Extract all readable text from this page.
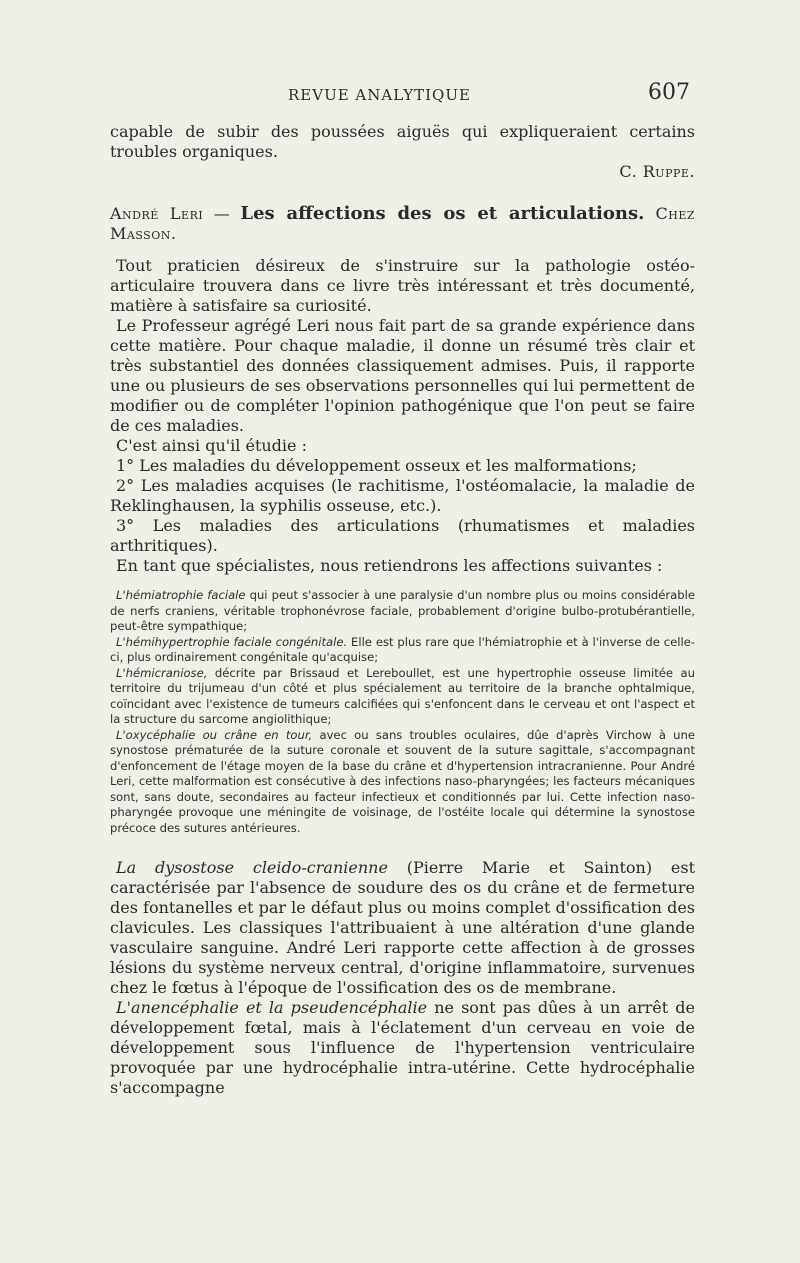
REVUE ANALYTIQUE	607

capable de subir des poussées aiguës qui expliqueraient certains troubles organiques.

C. Ruppe.

André Leri — Les affections des os et articulations. Chez Masson.

Tout praticien désireux de s'instruire sur la pathologie ostéo-articulaire trouvera dans ce livre très intéressant et très documenté, matière à satisfaire sa curiosité.

Le Professeur agrégé Leri nous fait part de sa grande expérience dans cette matière. Pour chaque maladie, il donne un résumé très clair et très substantiel des données classiquement admises. Puis, il rapporte une ou plusieurs de ses observations personnelles qui lui permettent de modifier ou de compléter l'opinion pathogénique que l'on peut se faire de ces maladies.

C'est ainsi qu'il étudie :

1° Les maladies du développement osseux et les malformations;

2° Les maladies acquises (le rachitisme, l'ostéomalacie, la maladie de Reklinghausen, la syphilis osseuse, etc.).

3° Les maladies des articulations (rhumatismes et maladies arthritiques).

En tant que spécialistes, nous retiendrons les affections suivantes :

L'hémiatrophie faciale qui peut s'associer à une paralysie d'un nombre plus ou moins considérable de nerfs craniens, véritable trophonévrose faciale, probablement d'origine bulbo-protubérantielle, peut-être sympathique;

L'hémihypertrophie faciale congénitale. Elle est plus rare que l'hémiatrophie et à l'inverse de celle-ci, plus ordinairement congénitale qu'acquise;

L'hémicraniose, décrite par Brissaud et Lereboullet, est une hypertrophie osseuse limitée au territoire du trijumeau d'un côté et plus spécialement au territoire de la branche ophtalmique, coïncidant avec l'existence de tumeurs calcifiées qui s'enfoncent dans le cerveau et ont l'aspect et la structure du sarcome angiolithique;

L'oxycéphalie ou crâne en tour, avec ou sans troubles oculaires, dûe d'après Virchow à une synostose prématurée de la suture coronale et souvent de la suture sagittale, s'accompagnant d'enfoncement de l'étage moyen de la base du crâne et d'hypertension intracranienne. Pour André Leri, cette malformation est consécutive à des infections naso-pharyngées; les facteurs mécaniques sont, sans doute, secondaires au facteur infectieux et conditionnés par lui. Cette infection naso-pharyngée provoque une méningite de voisinage, de l'ostéite locale qui détermine la synostose précoce des sutures antérieures.

La dysostose cleido-cranienne (Pierre Marie et Sainton) est caractérisée par l'absence de soudure des os du crâne et de fermeture des fontanelles et par le défaut plus ou moins complet d'ossification des clavicules. Les classiques l'attribuaient à une altération d'une glande vasculaire sanguine. André Leri rapporte cette affection à de grosses lésions du système nerveux central, d'origine inflammatoire, survenues chez le fœtus à l'époque de l'ossification des os de membrane.

L'anencéphalie et la pseudencéphalie ne sont pas dûes à un arrêt de développement fœtal, mais à l'éclatement d'un cerveau en voie de développement sous l'influence de l'hypertension ventriculaire provoquée par une hydrocéphalie intra-utérine. Cette hydrocéphalie s'accompagne
